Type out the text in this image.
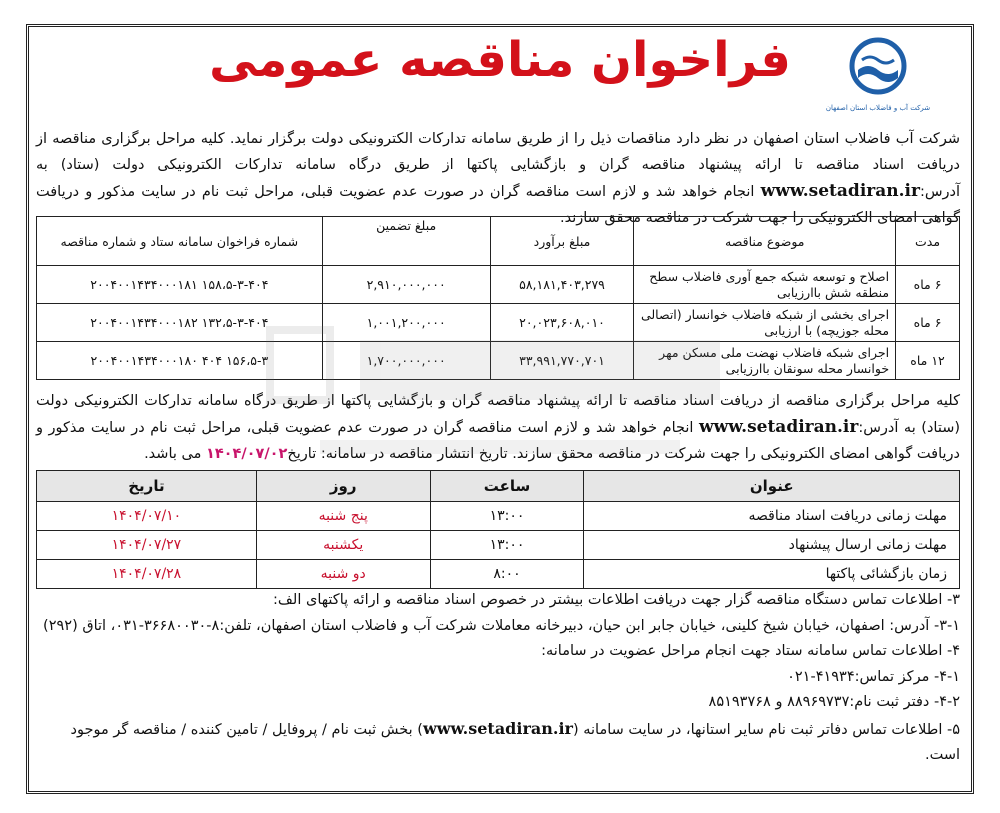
شرکت آب و فاضلاب استان اصفهان
فراخوان مناقصه عمومی
شرکت آب فاضلاب استان اصفهان در نظر دارد مناقصات ذیل را از طریق سامانه تدارکات الکترونیکی دولت برگزار نماید. کلیه مراحل برگزاری مناقصه از دریافت اسناد مناقصه تا ارائه پیشنهاد مناقصه گران و بازگشایی پاکتها از طریق درگاه سامانه تدارکات الکترونیکی دولت (ستاد) به آدرس:www.setadiran.ir انجام خواهد شد و لازم است مناقصه گران در صورت عدم عضویت قبلی، مراحل ثبت نام در سایت مذکور و دریافت گواهی امضای الکترونیکی را جهت شرکت در مناقصه محقق سازند.
مدت	موضوع مناقصه	مبلغ برآورد	مبلغ تضمین	شماره فراخوان سامانه ستاد و شماره مناقصه
۶ ماه	اصلاح و توسعه شبکه جمع آوری فاضلاب سطح منطقه شش باارزیابی	۵۸,۱۸۱,۴۰۳,۲۷۹	۲,۹۱۰,۰۰۰,۰۰۰	۱۵۸،۵-۳-۴۰۴ ۲۰۰۴۰۰۱۴۳۴۰۰۰۱۸۱
۶ ماه	اجرای بخشی از شبکه فاضلاب خوانسار (اتصالی محله جوزیچه) با ارزیابی	۲۰,۰۲۳,۶۰۸,۰۱۰	۱,۰۰۱,۲۰۰,۰۰۰	۱۳۲،۵-۳-۴۰۴ ۲۰۰۴۰۰۱۴۳۴۰۰۰۱۸۲
۱۲ ماه	اجرای شبکه فاضلاب نهضت ملی مسکن مهر خوانسار محله سونقان باارزیابی	۳۳,۹۹۱,۷۷۰,۷۰۱	۱,۷۰۰,۰۰۰,۰۰۰	۱۵۶،۵-۳ ۴۰۴ ۲۰۰۴۰۰۱۴۳۴۰۰۰۱۸۰
کلیه مراحل برگزاری مناقصه از دریافت اسناد مناقصه تا ارائه پیشنهاد مناقصه گران و بازگشایی پاکتها از طریق درگاه سامانه تدارکات الکترونیکی دولت (ستاد) به آدرس:www.setadiran.ir انجام خواهد شد و لازم است مناقصه گران در صورت عدم عضویت قبلی، مراحل ثبت نام در سایت مذکور و دریافت گواهی امضای الکترونیکی را جهت شرکت در مناقصه محقق سازند. تاریخ انتشار مناقصه در سامانه: تاریخ۱۴۰۴/۰۷/۰۲ می باشد.
عنوان	ساعت	روز	تاریخ
مهلت زمانی دریافت اسناد مناقصه	۱۳:۰۰	پنج شنبه	۱۴۰۴/۰۷/۱۰
مهلت زمانی ارسال پیشنهاد	۱۳:۰۰	یکشنبه	۱۴۰۴/۰۷/۲۷
زمان بازگشائی پاکتها	۸:۰۰	دو شنبه	۱۴۰۴/۰۷/۲۸

۳- اطلاعات تماس دستگاه مناقصه گزار جهت دریافت اطلاعات بیشتر در خصوص اسناد مناقصه و ارائه پاکتهای الف:

۳-۱- آدرس: اصفهان، خیابان شیخ کلینی، خیابان جابر ابن حیان، دبیرخانه معاملات شرکت آب و فاضلاب استان اصفهان، تلفن:۸-۳۶۶۸۰۰۳۰-۰۳۱، اتاق (۲۹۲)

۴- اطلاعات تماس سامانه ستاد جهت انجام مراحل عضویت در سامانه:

۴-۱- مرکز تماس:۴۱۹۳۴-۰۲۱

۴-۲- دفتر ثبت نام:۸۸۹۶۹۷۳۷ و ۸۵۱۹۳۷۶۸

۵- اطلاعات تماس دفاتر ثبت نام سایر استانها، در سایت سامانه (www.setadiran.ir) بخش ثبت نام / پروفایل / تامین کننده / مناقصه گر موجود است.
